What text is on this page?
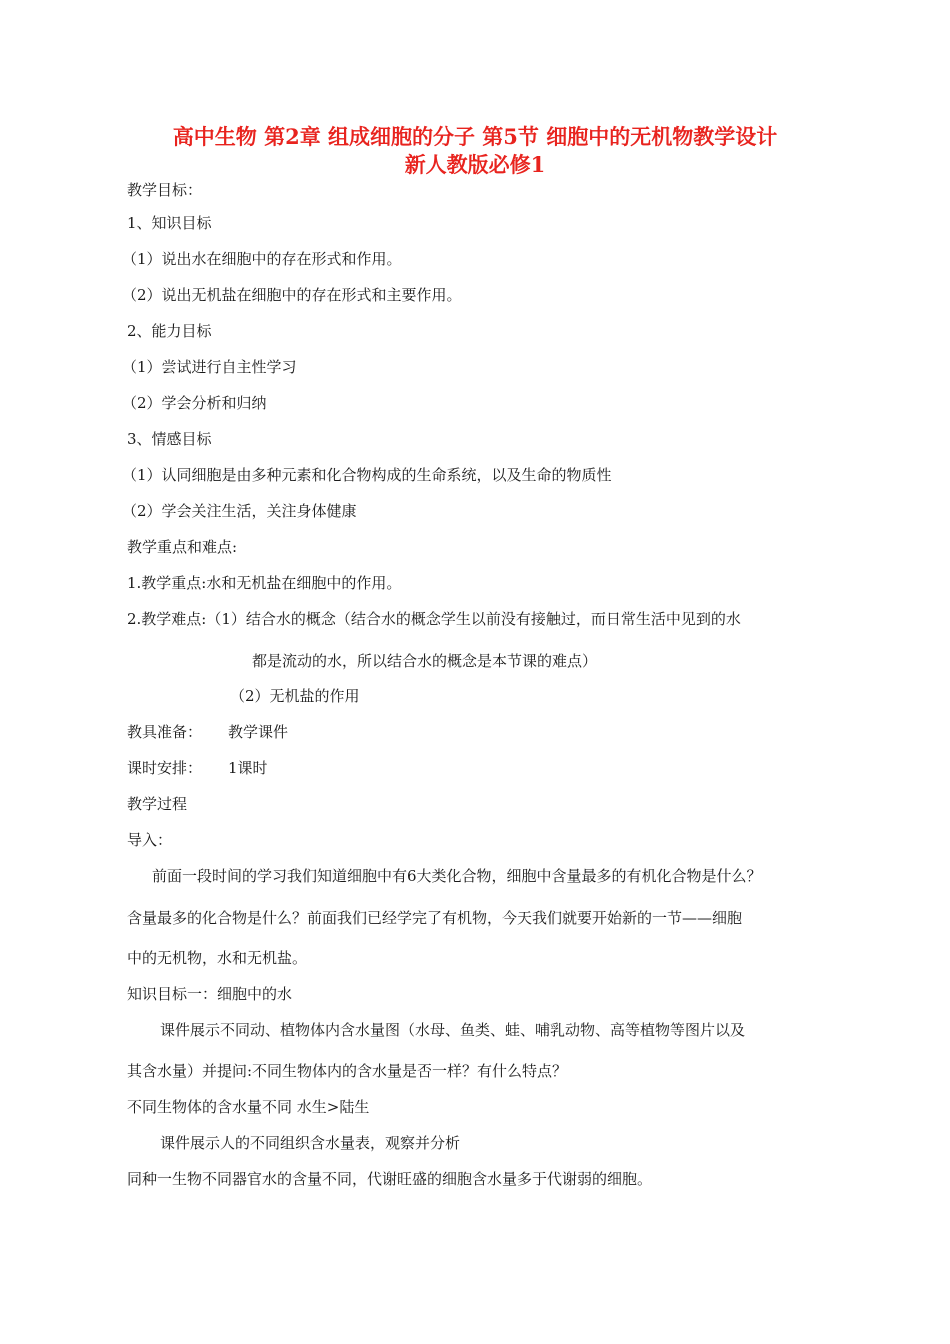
高中生物 第2章 组成细胞的分子 第5节 细胞中的无机物教学设计
新人教版必修1
教学目标：
1、知识目标
（1）说出水在细胞中的存在形式和作用。
（2）说出无机盐在细胞中的存在形式和主要作用。
2、能力目标
（1）尝试进行自主性学习
（2）学会分析和归纳
3、情感目标
（1）认同细胞是由多种元素和化合物构成的生命系统，以及生命的物质性
（2）学会关注生活，关注身体健康
教学重点和难点:
1.教学重点:水和无机盐在细胞中的作用。
2.教学难点:（1）结合水的概念（结合水的概念学生以前没有接触过，而日常生活中见到的水
都是流动的水，所以结合水的概念是本节课的难点）
（2）无机盐的作用
教具准备： 教学课件
课时安排： 1课时
教学过程
导入：
前面一段时间的学习我们知道细胞中有6大类化合物，细胞中含量最多的有机化合物是什么？
含量最多的化合物是什么？前面我们已经学完了有机物，今天我们就要开始新的一节——细胞
中的无机物，水和无机盐。
知识目标一：细胞中的水
课件展示不同动、植物体内含水量图（水母、鱼类、蛙、哺乳动物、高等植物等图片以及
其含水量）并提问:不同生物体内的含水量是否一样？有什么特点？
不同生物体的含水量不同 水生>陆生
课件展示人的不同组织含水量表，观察并分析
同种一生物不同器官水的含量不同，代谢旺盛的细胞含水量多于代谢弱的细胞。
